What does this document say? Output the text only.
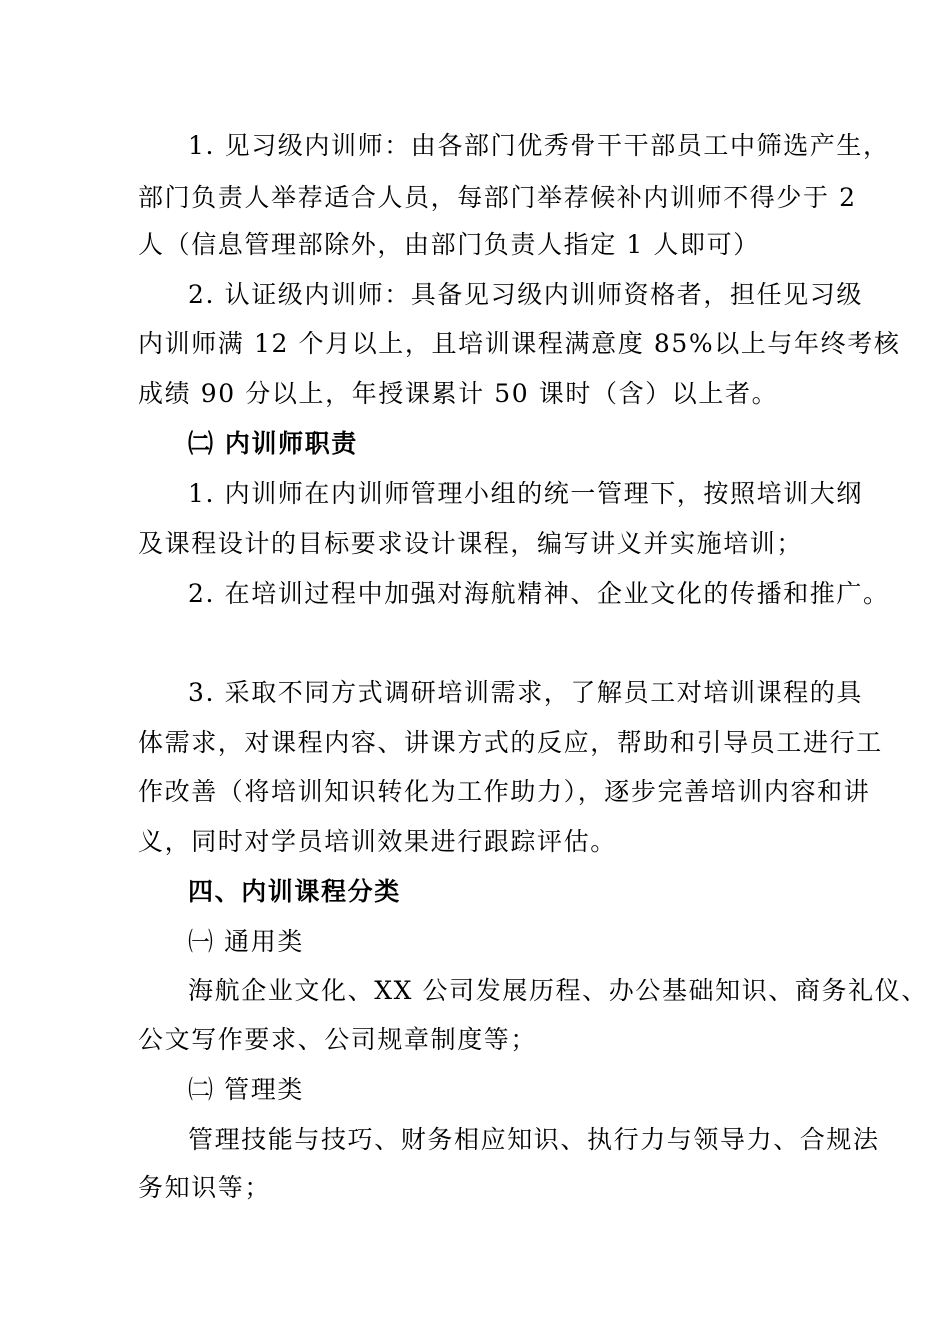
1. 见习级内训师：由各部门优秀骨干干部员工中筛选产生，
部门负责人举荐适合人员，每部门举荐候补内训师不得少于 2
人（信息管理部除外，由部门负责人指定 1 人即可）
2. 认证级内训师：具备见习级内训师资格者，担任见习级
内训师满 12 个月以上，且培训课程满意度 85%以上与年终考核
成绩 90 分以上，年授课累计 50 课时（含）以上者。
㈡ 内训师职责
1. 内训师在内训师管理小组的统一管理下，按照培训大纲
及课程设计的目标要求设计课程，编写讲义并实施培训；
2. 在培训过程中加强对海航精神、企业文化的传播和推广。
3. 采取不同方式调研培训需求，了解员工对培训课程的具
体需求，对课程内容、讲课方式的反应，帮助和引导员工进行工
作改善（将培训知识转化为工作助力），逐步完善培训内容和讲
义，同时对学员培训效果进行跟踪评估。
四、内训课程分类
㈠ 通用类
海航企业文化、XX 公司发展历程、办公基础知识、商务礼仪、
公文写作要求、公司规章制度等；
㈡ 管理类
管理技能与技巧、财务相应知识、执行力与领导力、合规法
务知识等；
